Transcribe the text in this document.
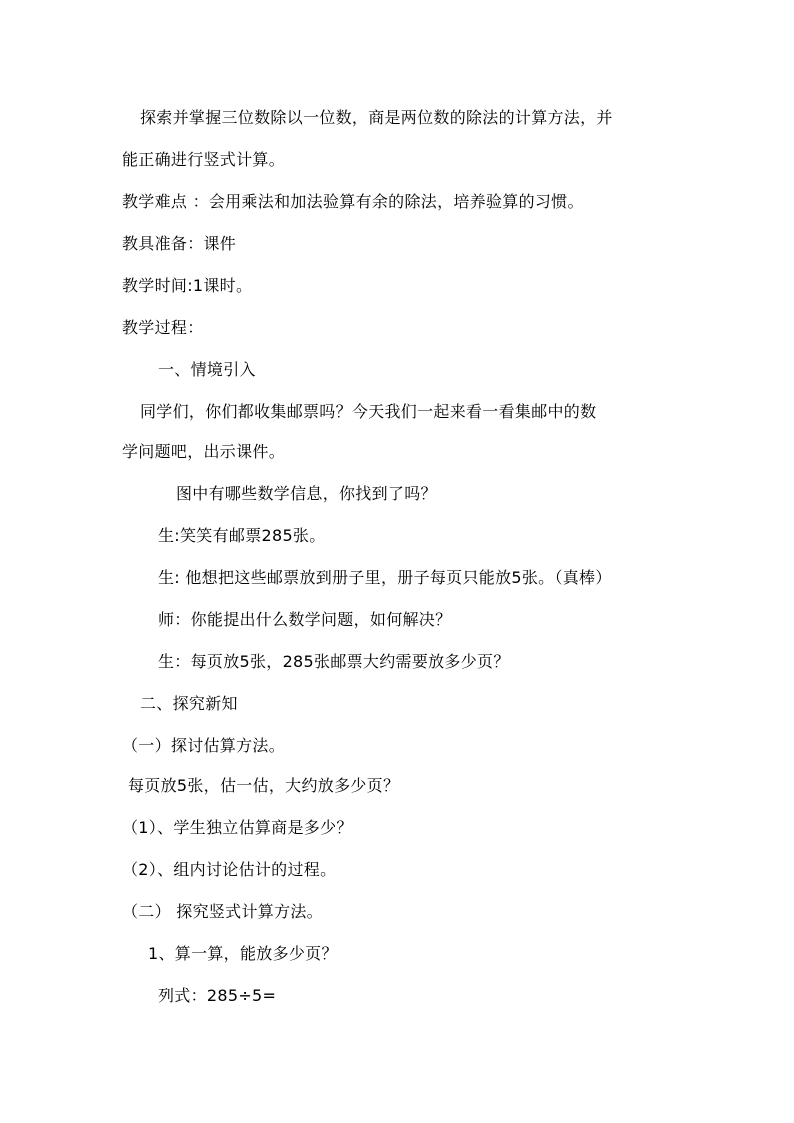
探索并掌握三位数除以一位数，商是两位数的除法的计算方法，并
能正确进行竖式计算。
教学难点 ：会用乘法和加法验算有余的除法，培养验算的习惯。
教具准备：课件
教学时间:1课时。
教学过程：
一、情境引入
同学们，你们都收集邮票吗？今天我们一起来看一看集邮中的数
学问题吧，出示课件。
图中有哪些数学信息，你找到了吗？
生:笑笑有邮票285张。
生: 他想把这些邮票放到册子里，册子每页只能放5张。（真棒）
师：你能提出什么数学问题，如何解决？
生：每页放5张，285张邮票大约需要放多少页？
二、探究新知
（一）探讨估算方法。
每页放5张，估一估，大约放多少页？
（1）、学生独立估算商是多少？
（2）、组内讨论估计的过程。
（二） 探究竖式计算方法。
1、算一算，能放多少页？
列式：285÷5=
